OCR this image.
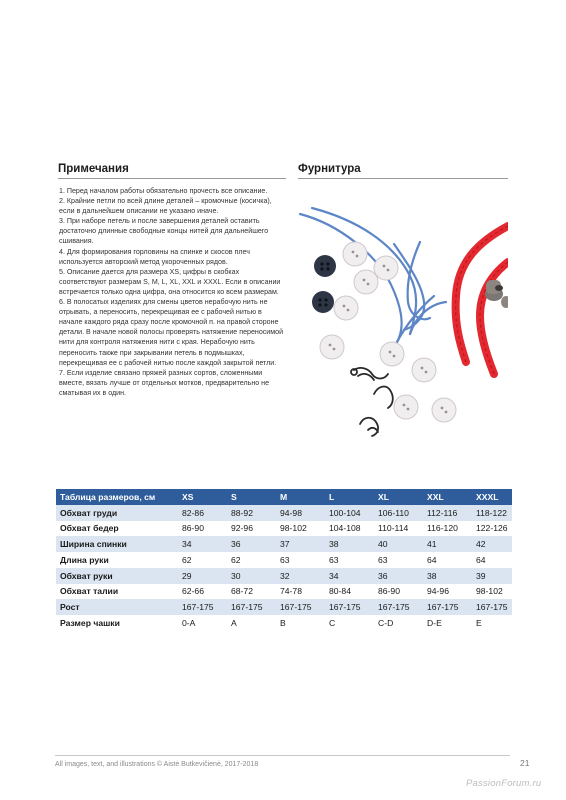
Примечания	Фурнитура

1. Перед началом работы обязательно прочесть все описание.

2. Крайние петли по всей длине деталей – кромочные (косичка), если в дальнейшем описании не указано иначе.

3. При наборе петель и после завершения деталей оставить достаточно длинные свободные концы нитей для дальнейшего сшивания.

4. Для формирования горловины на спинке и скосов плеч используется авторский метод укороченных рядов.

5. Описание дается для размера XS, цифры в скобках соответствуют размерам S, M, L, XL, XXL и XXXL. Если в описании встречается только одна цифра, она относится ко всем размерам.

6. В полосатых изделиях для смены цветов нерабочую нить не отрывать, а переносить, перекрещивая ее с рабочей нитью в начале каждого ряда сразу после кромочной п. на правой стороне детали. В начале новой полосы проверять натяжение переносимой нити для контроля натяжения нити с края. Нерабочую нить переносить также при закрывании петель в подмышках, перекрещивая ее с рабочей нитью после каждой закрытой петли.

7. Если изделие связано пряжей разных сортов, сложенными вместе, вязать лучше от отдельных мотков, предварительно не сматывая их в один.

Таблица размеров, см	XS	S	M	L	XL	XXL	XXXL
Обхват груди	82-86	88-92	94-98	100-104	106-110	112-116	118-122
Обхват бедер	86-90	92-96	98-102	104-108	110-114	116-120	122-126
Ширина спинки	34	36	37	38	40	41	42
Длина руки	62	62	63	63	63	64	64
Обхват руки	29	30	32	34	36	38	39
Обхват талии	62-66	68-72	74-78	80-84	86-90	94-96	98-102
Рост	167-175	167-175	167-175	167-175	167-175	167-175	167-175
Размер чашки	0-A	A	B	C	C-D	D-E	E
All images, text, and illustrations © Aistė Butkevičienė, 2017-2018	21
PassionForum.ru
